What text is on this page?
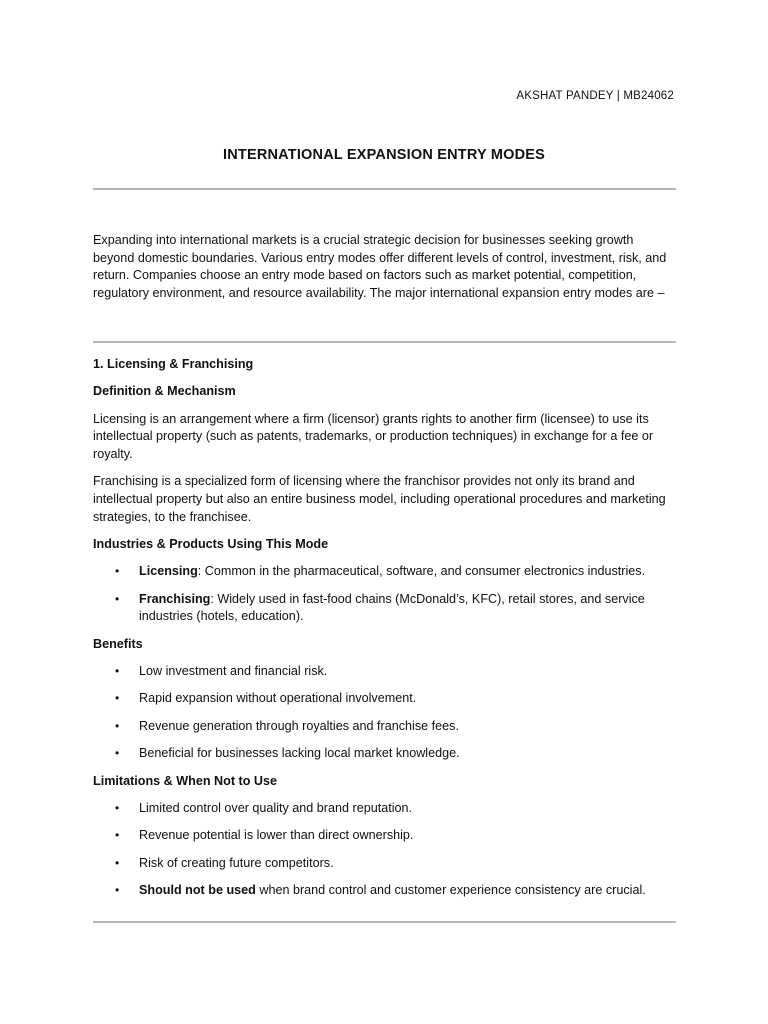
AKSHAT PANDEY | MB24062
INTERNATIONAL EXPANSION ENTRY MODES

Expanding into international markets is a crucial strategic decision for businesses seeking growth beyond domestic boundaries. Various entry modes offer different levels of control, investment, risk, and return. Companies choose an entry mode based on factors such as market potential, competition, regulatory environment, and resource availability. The major international expansion entry modes are –

1. Licensing & Franchising
Definition & Mechanism

Licensing is an arrangement where a firm (licensor) grants rights to another firm (licensee) to use its intellectual property (such as patents, trademarks, or production techniques) in exchange for a fee or royalty.

Franchising is a specialized form of licensing where the franchisor provides not only its brand and intellectual property but also an entire business model, including operational procedures and marketing strategies, to the franchisee.

Industries & Products Using This Mode
• Licensing: Common in the pharmaceutical, software, and consumer electronics industries.
• Franchising: Widely used in fast-food chains (McDonald’s, KFC), retail stores, and service industries (hotels, education).
Benefits
• Low investment and financial risk.
• Rapid expansion without operational involvement.
• Revenue generation through royalties and franchise fees.
• Beneficial for businesses lacking local market knowledge.
Limitations & When Not to Use
• Limited control over quality and brand reputation.
• Revenue potential is lower than direct ownership.
• Risk of creating future competitors.
• Should not be used when brand control and customer experience consistency are crucial.
